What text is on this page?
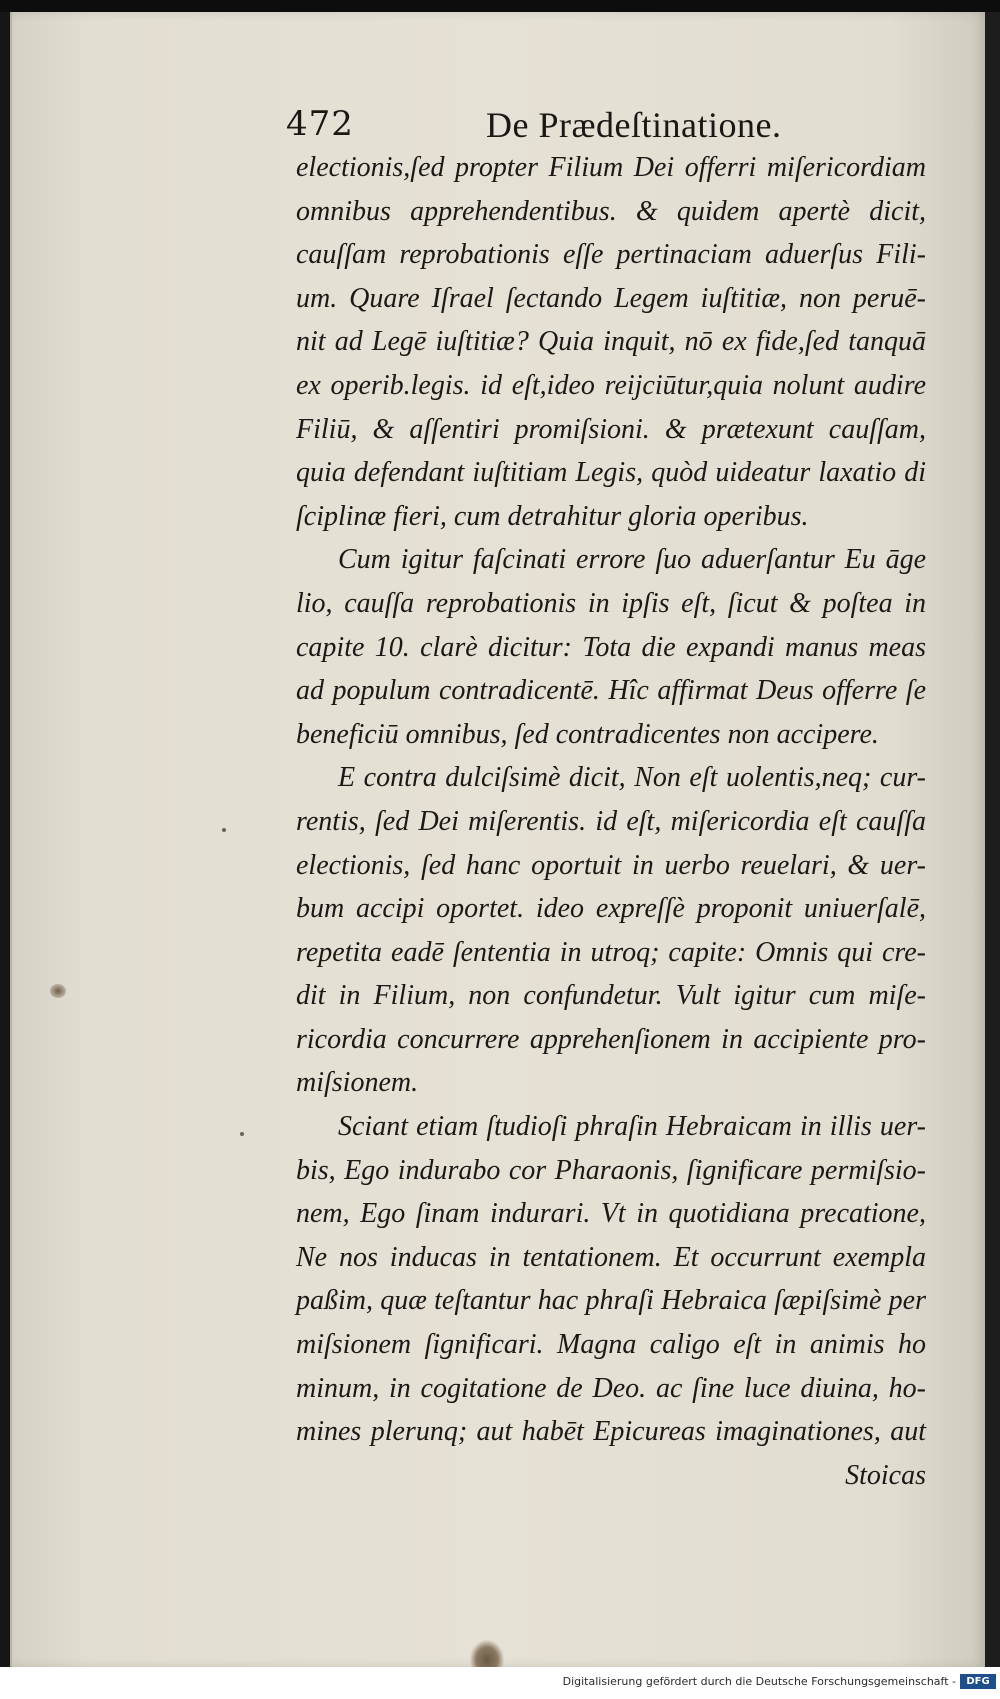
472	De Prædeſtinatione.
electionis,ſed propter Filium Dei offerri miſericordiam
omnibus apprehendentibus. & quidem apertè dicit,
cauſſam reprobationis eſſe pertinaciam aduerſus Fili-
um. Quare Iſrael ſectando Legem iuſtitiæ, non peruē-
nit ad Legē iuſtitiæ? Quia inquit, nō ex fide,ſed tanquā
ex operib.legis. id eſt,ideo reijciūtur,quia nolunt audire
Filiū, & aſſentiri promiſsioni. & prætexunt cauſſam,
quia defendant iuſtitiam Legis, quòd uideatur laxatio di
ſciplinæ fieri, cum detrahitur gloria operibus.
Cum igitur faſcinati errore ſuo aduerſantur Eu āge
lio, cauſſa reprobationis in ipſis eſt, ſicut & poſtea in
capite 10. clarè dicitur: Tota die expandi manus meas
ad populum contradicentē. Hîc affirmat Deus offerre ſe
beneficiū omnibus, ſed contradicentes non accipere.
E contra dulciſsimè dicit, Non eſt uolentis,neq; cur-
rentis, ſed Dei miſerentis. id eſt, miſericordia eſt cauſſa
electionis, ſed hanc oportuit in uerbo reuelari, & uer-
bum accipi oportet. ideo expreſſè proponit uniuerſalē,
repetita eadē ſententia in utroq; capite: Omnis qui cre-
dit in Filium, non confundetur. Vult igitur cum miſe-
ricordia concurrere apprehenſionem in accipiente pro-
miſsionem.
Sciant etiam ſtudioſi phraſin Hebraicam in illis uer-
bis, Ego indurabo cor Pharaonis, ſignificare permiſsio-
nem, Ego ſinam indurari. Vt in quotidiana precatione,
Ne nos inducas in tentationem. Et occurrunt exempla
paßim, quæ teſtantur hac phraſi Hebraica ſæpiſsimè per
miſsionem ſignificari. Magna caligo eſt in animis ho
minum, in cogitatione de Deo. ac ſine luce diuina, ho-
mines plerunq; aut habēt Epicureas imaginationes, aut
Stoicas
Digitalisierung gefördert durch die Deutsche Forschungsgemeinschaft -	DFG
